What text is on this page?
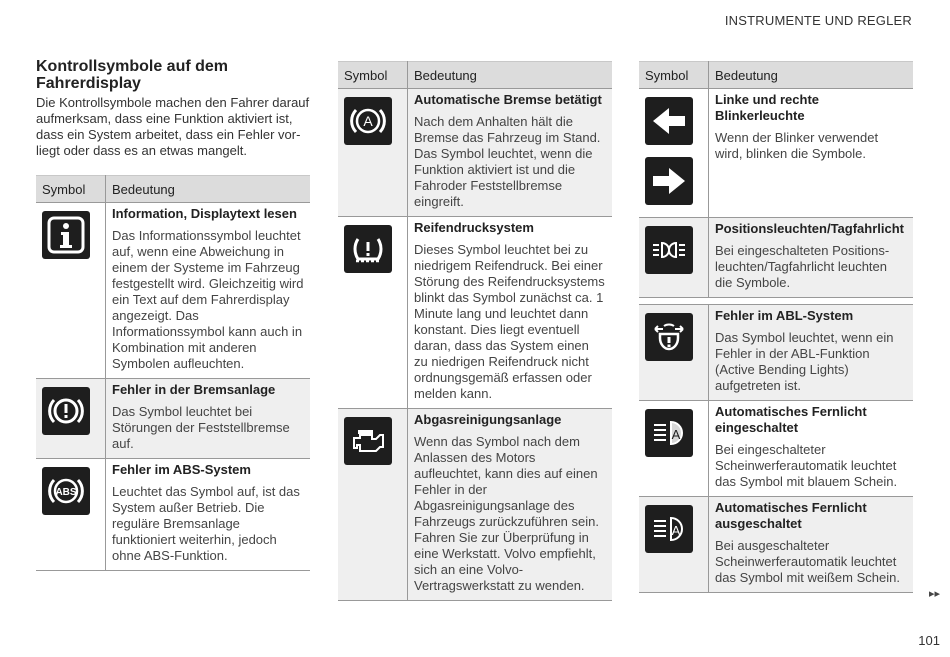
INSTRUMENTE UND REGLER
Kontrollsymbole auf dem Fahrerdisplay

Die Kontrollsymbole machen den Fahrer darauf aufmerksam, dass eine Funktion aktiviert ist, dass ein System arbeitet, dass ein Fehler vorliegt oder dass es an etwas mangelt.

Symbol	Bedeutung

Information, Displaytext lesen

Das Informationssymbol leuchtet auf, wenn eine Abweichung in einem der Systeme im Fahrzeug festgestellt wird. Gleichzeitig wird ein Text auf dem Fahrerdisplay angezeigt. Das Informationssymbol kann auch in Kombination mit anderen Symbolen aufleuchten.

Fehler in der Bremsanlage

Das Symbol leuchtet bei Störungen der Feststellbremse auf.

ABS	Fehler im ABS-System

Leuchtet das Symbol auf, ist das System außer Betrieb. Die reguläre Bremsanlage funktioniert weiterhin, jedoch ohne ABS-Funktion.

Symbol	Bedeutung

A	Automatische Bremse betätigt

Nach dem Anhalten hält die Bremse das Fahrzeug im Stand. Das Symbol leuchtet, wenn die Funktion aktiviert ist und die Fahroder Feststellbremse eingreift.

Reifendrucksystem

Dieses Symbol leuchtet bei zu niedrigem Reifendruck. Bei einer Störung des Reifendrucksystems blinkt das Symbol zunächst ca. 1 Minute lang und leuchtet dann konstant. Dies liegt eventuell daran, dass das System einen zu niedrigen Reifendruck nicht ordnungsgemäß erfassen oder melden kann.

Abgasreinigungsanlage

Wenn das Symbol nach dem Anlassen des Motors aufleuchtet, kann dies auf einen Fehler in der Abgasreinigungsanlage des Fahrzeugs zurückzuführen sein. Fahren Sie zur Überprüfung in eine Werkstatt. Volvo empfiehlt, sich an eine Volvo-Vertragswerkstatt zu wenden.

Symbol	Bedeutung

Linke und rechte Blinkerleuchte

Wenn der Blinker verwendet wird, blinken die Symbole.

Positionsleuchten/Tagfahrlicht

Bei eingeschalteten Positionsleuchten/Tagfahrlicht leuchten die Symbole.

Fehler im ABL-System

Das Symbol leuchtet, wenn ein Fehler in der ABL-Funktion (Active Bending Lights) aufgetreten ist.

A	Automatisches Fernlicht eingeschaltet

Bei eingeschalteter Scheinwerferautomatik leuchtet das Symbol mit blauem Schein.

A	Automatisches Fernlicht ausgeschaltet

Bei ausgeschalteter Scheinwerferautomatik leuchtet das Symbol mit weißem Schein.

▸▸
101
